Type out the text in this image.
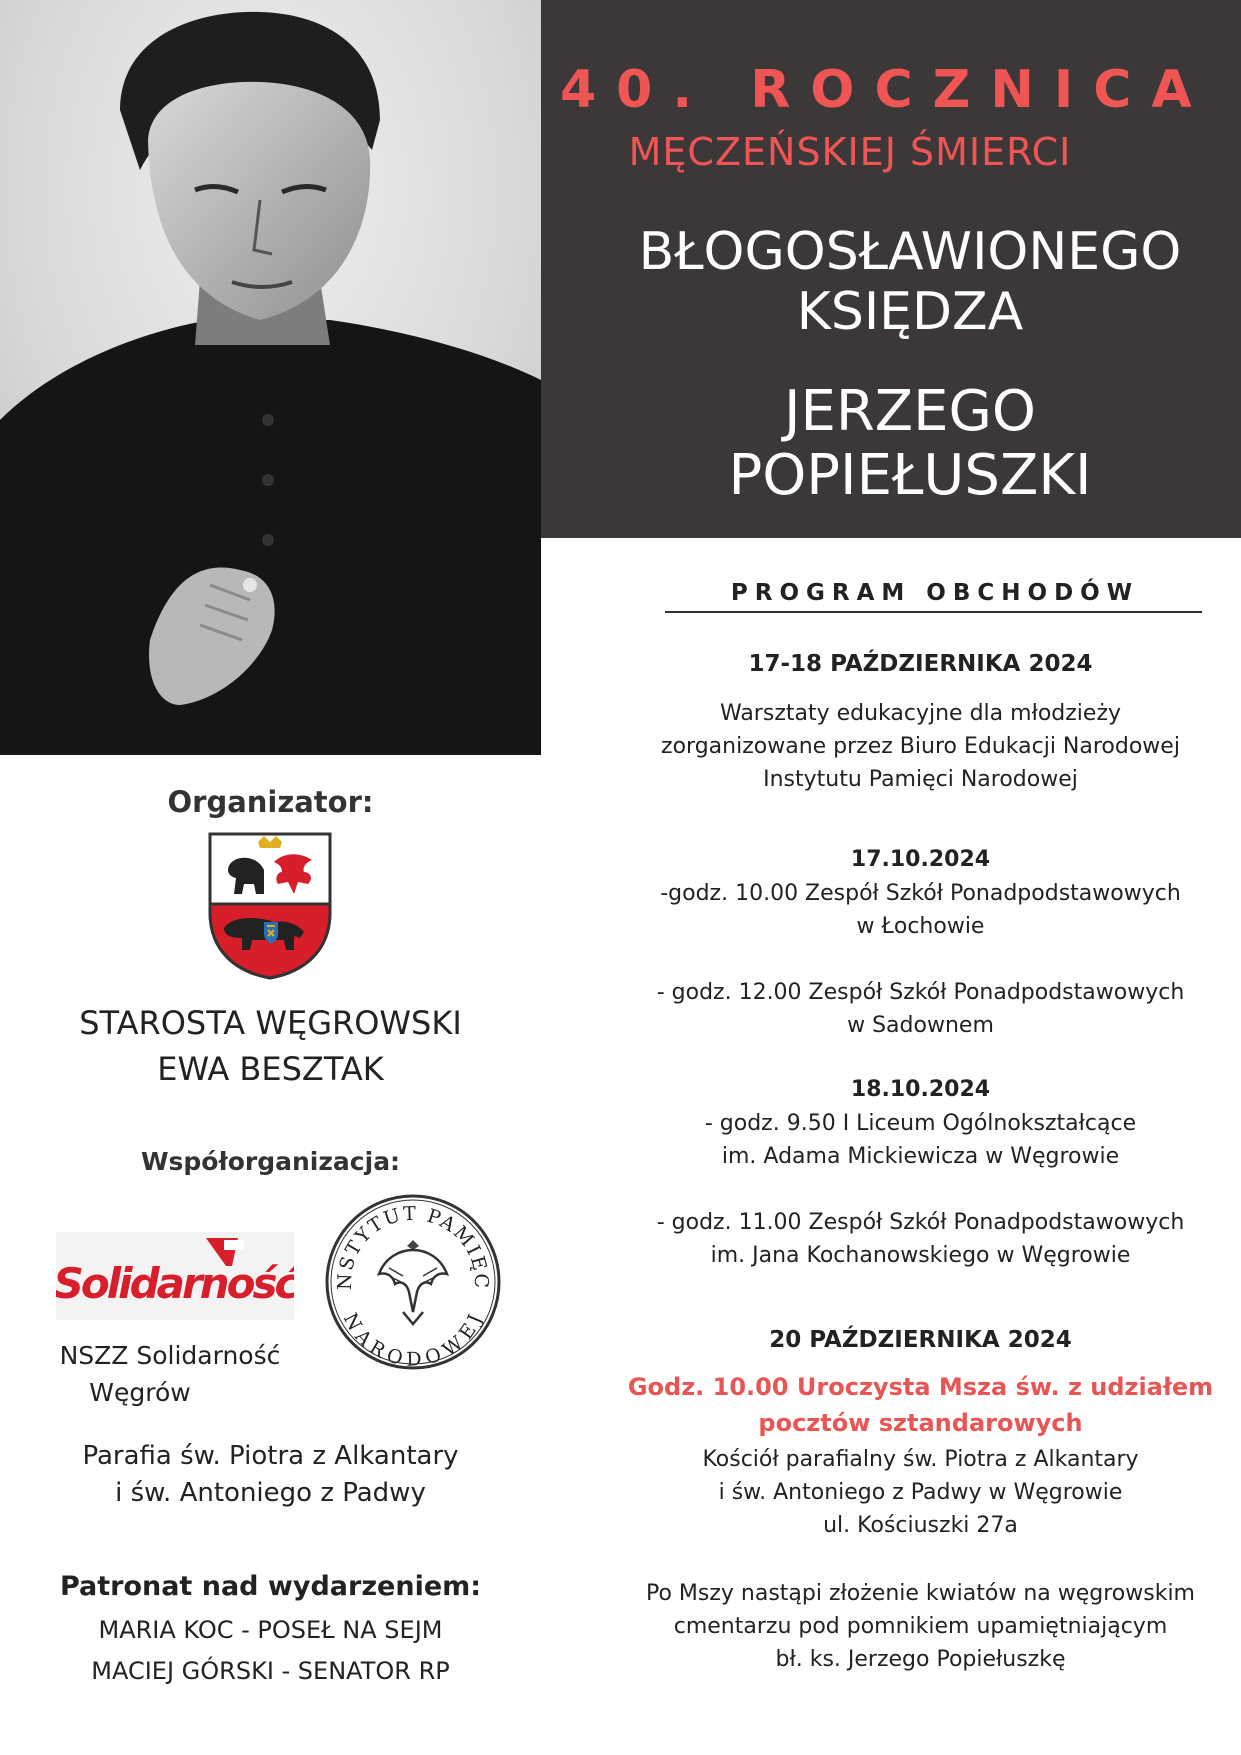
40. ROCZNICA
MĘCZEŃSKIEJ ŚMIERCI
BŁOGOSŁAWIONEGO
KSIĘDZA
JERZEGO
POPIEŁUSZKI
PROGRAM OBCHODÓW
17-18 PAŹDZIERNIKA 2024
Warsztaty edukacyjne dla młodzieży
zorganizowane przez Biuro Edukacji Narodowej
Instytutu Pamięci Narodowej
17.10.2024
-godz. 10.00 Zespół Szkół Ponadpodstawowych
w Łochowie
- godz. 12.00 Zespół Szkół Ponadpodstawowych
w Sadownem
18.10.2024
- godz. 9.50 I Liceum Ogólnokształcące
im. Adama Mickiewicza w Węgrowie
- godz. 11.00 Zespół Szkół Ponadpodstawowych
im. Jana Kochanowskiego w Węgrowie
20 PAŹDZIERNIKA 2024
Godz. 10.00 Uroczysta Msza św. z udziałem
pocztów sztandarowych
Kościół parafialny św. Piotra z Alkantary
i św. Antoniego z Padwy w Węgrowie
ul. Kościuszki 27a
Po Mszy nastąpi złożenie kwiatów na węgrowskim
cmentarzu pod pomnikiem upamiętniającym
bł. ks. Jerzego Popiełuszkę
Organizator:
STAROSTA WĘGROWSKI
EWA BESZTAK
Współorganizacja:
Solidarność	NSTYTUT PAMIĘC
NARODOWEJ
NSZZ Solidarność
Węgrów
Parafia św. Piotra z Alkantary
i św. Antoniego z Padwy
Patronat nad wydarzeniem:
MARIA KOC - POSEŁ NA SEJM
MACIEJ GÓRSKI - SENATOR RP
